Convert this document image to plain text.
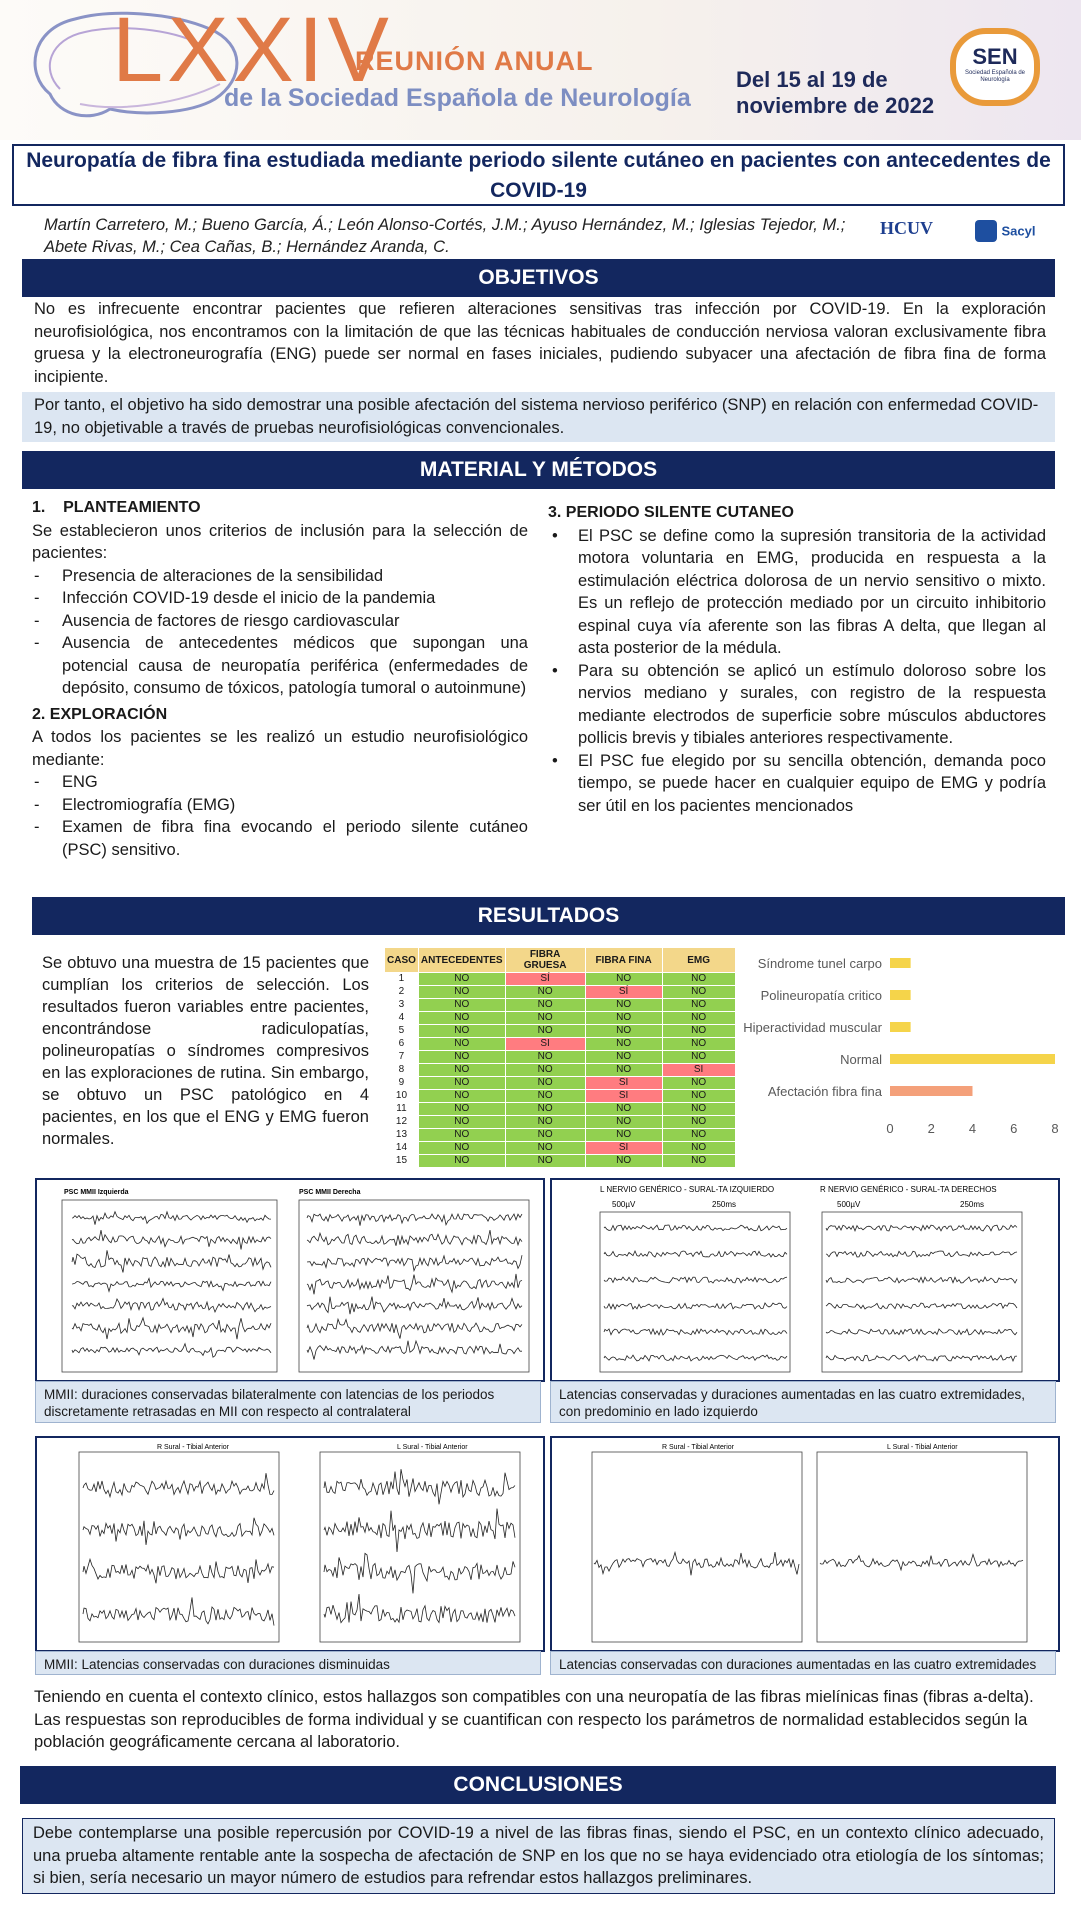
LXXIV
REUNIÓN ANUAL
de la Sociedad Española de Neurología
Del 15 al 19 de
noviembre de 2022
SEN
Sociedad Española de Neurología
Neuropatía de fibra fina estudiada mediante periodo silente cutáneo en pacientes con antecedentes de COVID-19
Martín Carretero, M.; Bueno García, Á.; León Alonso-Cortés, J.M.; Ayuso Hernández, M.; Iglesias Tejedor, M.;
Abete Rivas, M.; Cea Cañas, B.; Hernández Aranda, C.
HCUV	Sacyl
OBJETIVOS
No es infrecuente encontrar pacientes que refieren alteraciones sensitivas tras infección por COVID-19. En la exploración neurofisiológica, nos encontramos con la limitación de que las técnicas habituales de conducción nerviosa valoran exclusivamente fibra gruesa y la electroneurografía (ENG) puede ser normal en fases iniciales, pudiendo subyacer una afectación de fibra fina de forma incipiente.
Por tanto, el objetivo ha sido demostrar una posible afectación del sistema nervioso periférico (SNP) en relación con enfermedad COVID-19, no objetivable a través de pruebas neurofisiológicas convencionales.
MATERIAL Y MÉTODOS
1. PLANTEAMIENTO
Se establecieron unos criterios de inclusión para la selección de pacientes:
- Presencia de alteraciones de la sensibilidad
- Infección COVID-19 desde el inicio de la pandemia
- Ausencia de factores de riesgo cardiovascular
- Ausencia de antecedentes médicos que supongan una potencial causa de neuropatía periférica (enfermedades de depósito, consumo de tóxicos, patología tumoral o autoinmune)
2. EXPLORACIÓN
A todos los pacientes se les realizó un estudio neurofisiológico mediante:
- ENG
- Electromiografía (EMG)
- Examen de fibra fina evocando el periodo silente cutáneo (PSC) sensitivo.
3. PERIODO SILENTE CUTANEO
• El PSC se define como la supresión transitoria de la actividad motora voluntaria en EMG, producida en respuesta a la estimulación eléctrica dolorosa de un nervio sensitivo o mixto. Es un reflejo de protección mediado por un circuito inhibitorio espinal cuya vía aferente son las fibras A delta, que llegan al asta posterior de la médula.
• Para su obtención se aplicó un estímulo doloroso sobre los nervios mediano y surales, con registro de la respuesta mediante electrodos de superficie sobre músculos abductores pollicis brevis y tibiales anteriores respectivamente.
• El PSC fue elegido por su sencilla obtención, demanda poco tiempo, se puede hacer en cualquier equipo de EMG y podría ser útil en los pacientes mencionados
RESULTADOS
Se obtuvo una muestra de 15 pacientes que cumplían los criterios de selección. Los resultados fueron variables entre pacientes, encontrándose radiculopatías, polineuropatías o síndromes compresivos en las exploraciones de rutina. Sin embargo, se obtuvo un PSC patológico en 4 pacientes, en los que el ENG y EMG fueron normales.
CASO	ANTECEDENTES	FIBRA GRUESA	FIBRA FINA	EMG
1	NO	SÍ	NO	NO
2	NO	NO	SÍ	NO
3	NO	NO	NO	NO
4	NO	NO	NO	NO
5	NO	NO	NO	NO
6	NO	SI	NO	NO
7	NO	NO	NO	NO
8	NO	NO	NO	SI
9	NO	NO	SI	NO
10	NO	NO	SI	NO
11	NO	NO	NO	NO
12	NO	NO	NO	NO
13	NO	NO	NO	NO
14	NO	NO	SI	NO
15	NO	NO	NO	NO
Síndrome tunel carpo
Polineuropatía critico
Hiperactividad muscular
Normal
Afectación fibra fina
0	2	4	6	8
PSC MMII Izquierda	PSC MMII Derecha	L NERVIO GENÉRICO - SURAL-TA IZQUIERDO	R NERVIO GENÉRICO - SURAL-TA DERECHOS
500µV	250ms	500µV	250ms
MMII: duraciones conservadas bilateralmente con latencias de los periodos discretamente retrasadas en MII con respecto al contralateral
Latencias conservadas y duraciones aumentadas en las cuatro extremidades, con predominio en lado izquierdo
R Sural - Tibial Anterior	L Sural - Tibial Anterior	R Sural - Tibial Anterior	L Sural - Tibial Anterior
MMII: Latencias conservadas con duraciones disminuidas	Latencias conservadas con duraciones aumentadas en las cuatro extremidades
Teniendo en cuenta el contexto clínico, estos hallazgos son compatibles con una neuropatía de las fibras mielínicas finas (fibras a-delta). Las respuestas son reproducibles de forma individual y se cuantifican con respecto los parámetros de normalidad establecidos según la población geográficamente cercana al laboratorio.
CONCLUSIONES
Debe contemplarse una posible repercusión por COVID-19 a nivel de las fibras finas, siendo el PSC, en un contexto clínico adecuado, una prueba altamente rentable ante la sospecha de afectación de SNP en los que no se haya evidenciado otra etiología de los síntomas; si bien, sería necesario un mayor número de estudios para refrendar estos hallazgos preliminares.
